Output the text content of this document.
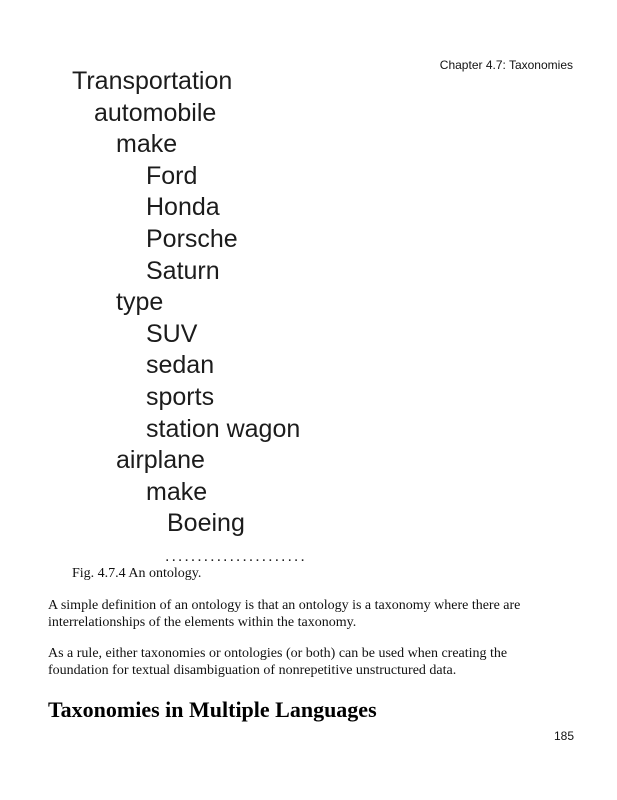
Chapter 4.7: Taxonomies
Transportation
automobile
make
Ford
Honda
Porsche
Saturn
type
SUV
sedan
sports
station wagon
airplane
make
Boeing
......................
Fig. 4.7.4 An ontology.

A simple definition of an ontology is that an ontology is a taxonomy where there are interrelationships of the elements within the taxonomy.

As a rule, either taxonomies or ontologies (or both) can be used when creating the foundation for textual disambiguation of nonrepetitive unstructured data.

Taxonomies in Multiple Languages
185
